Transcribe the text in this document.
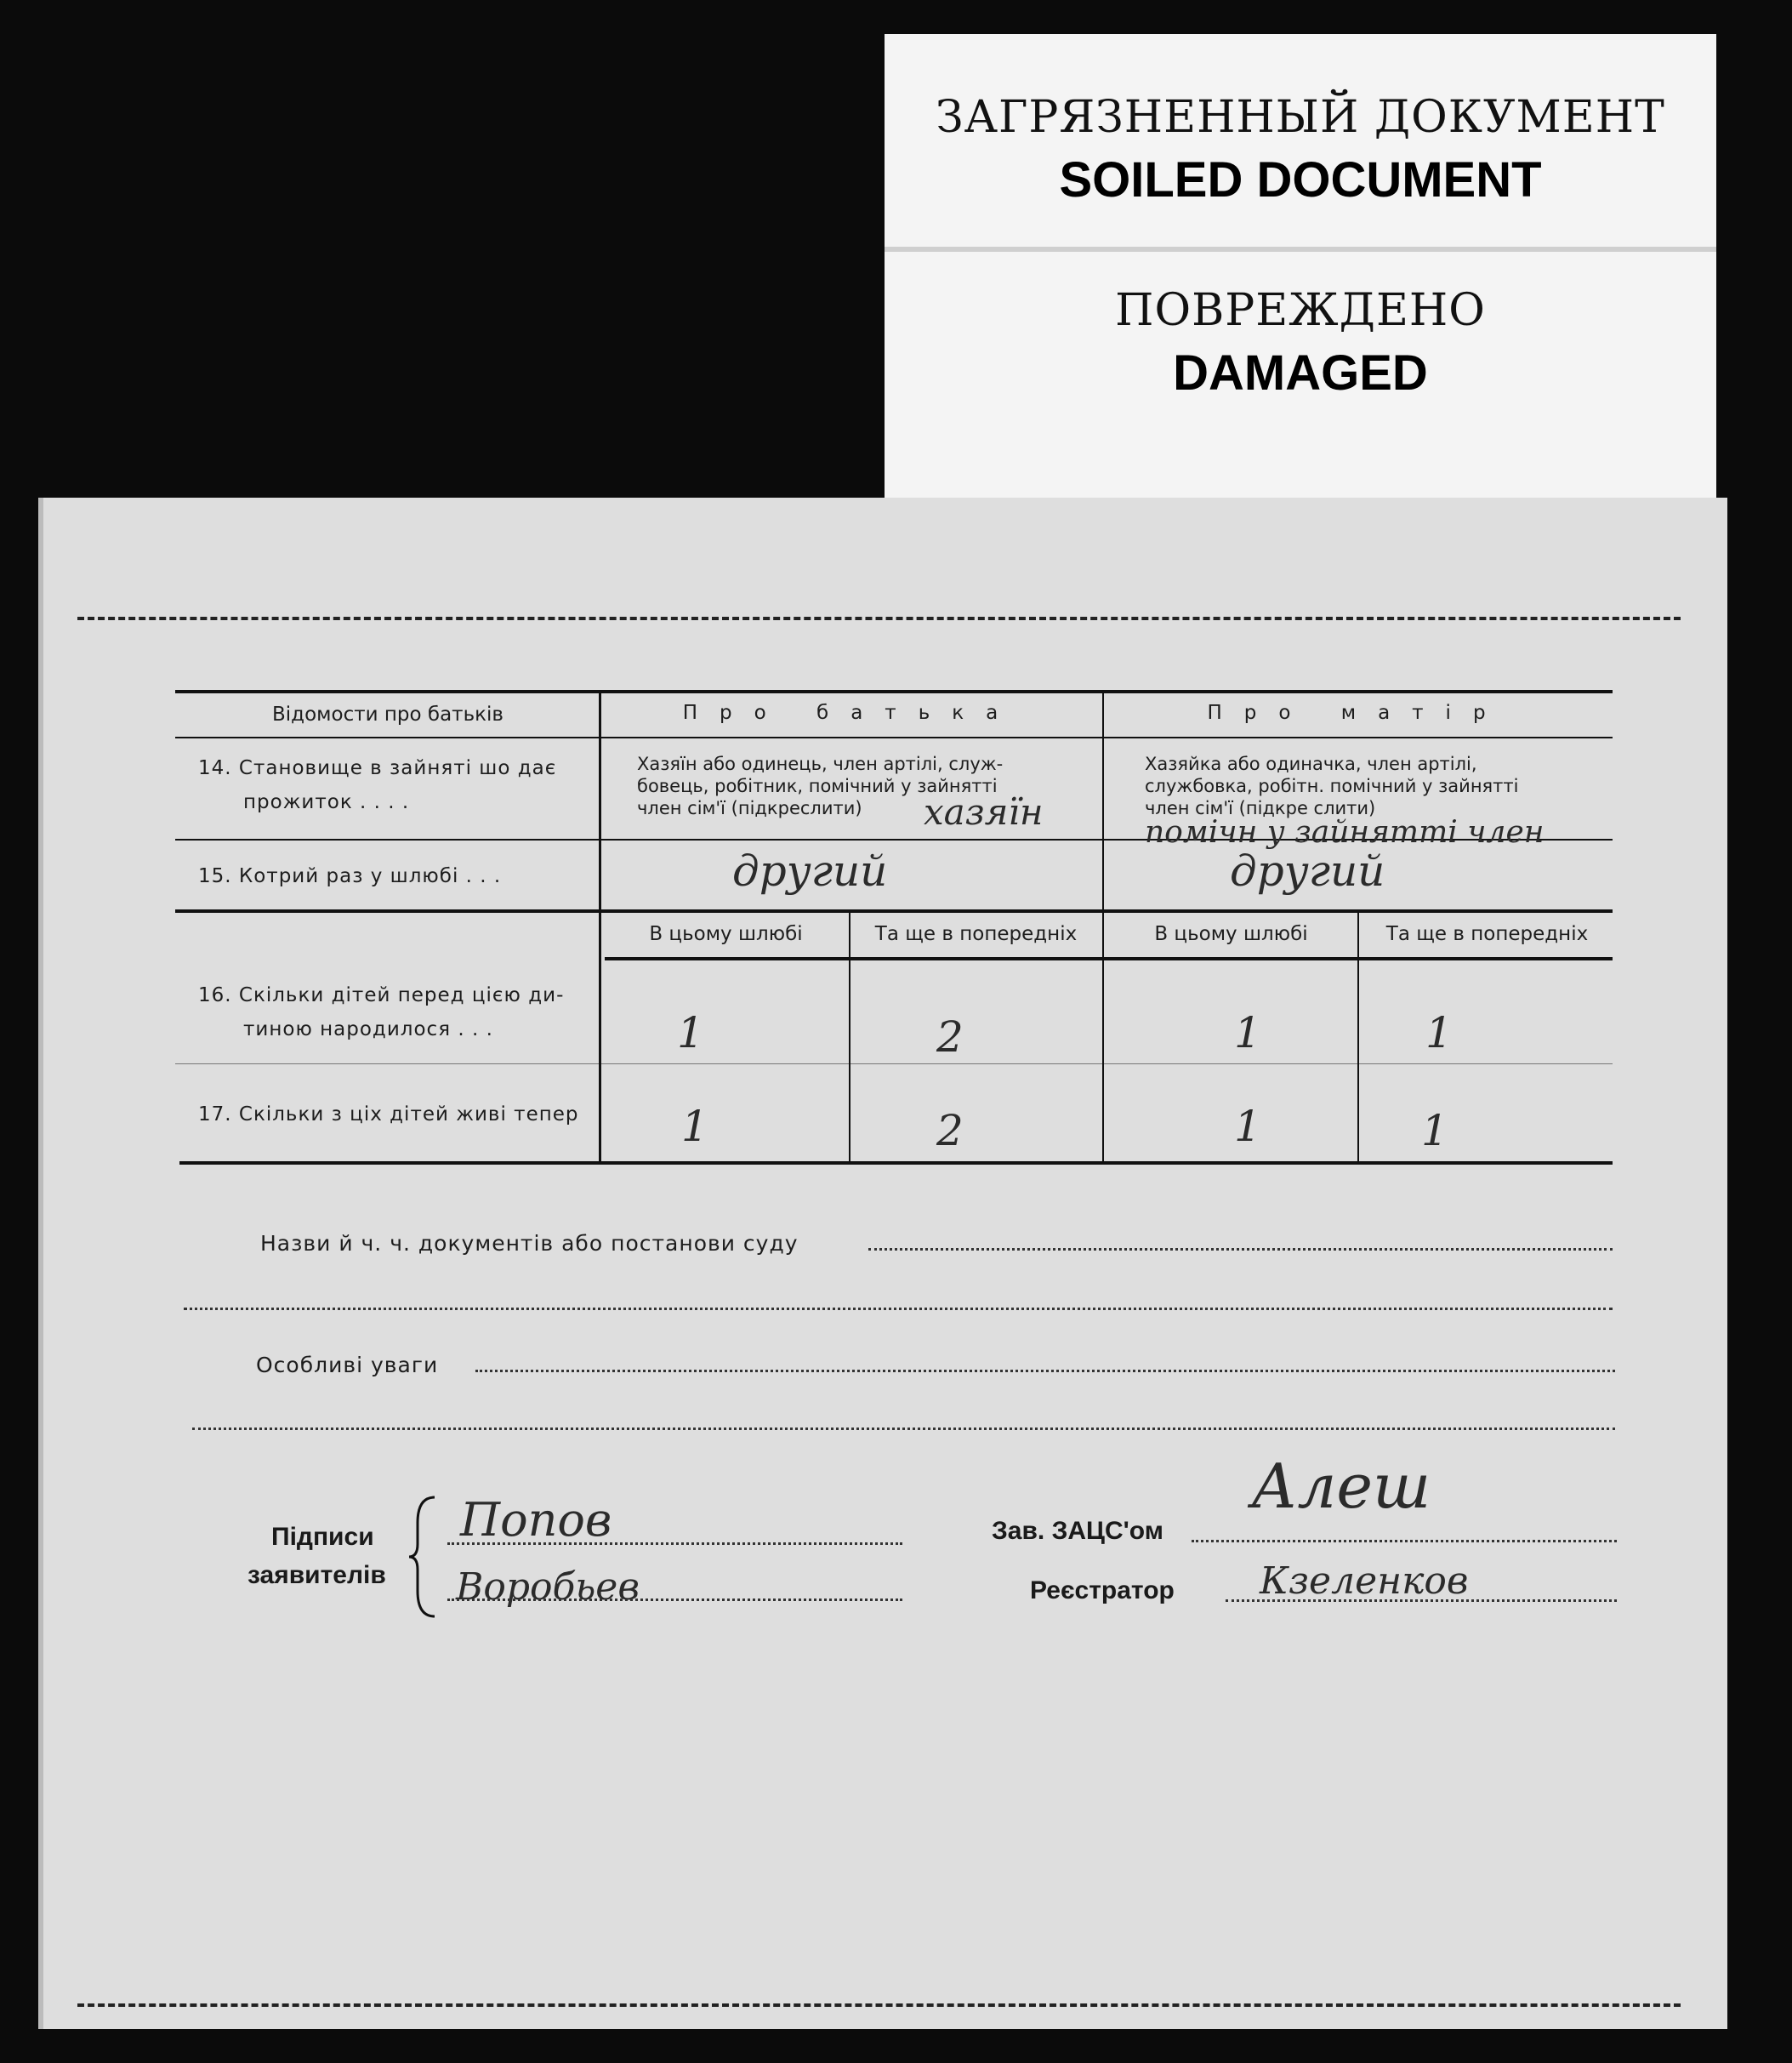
ЗАГРЯЗНЕННЫЙ ДОКУМЕНТ
SOILED DOCUMENT
ПОВРЕЖДЕНО
DAMAGED
Відомости про батьків	Про батька	Про матір
14. Становище в зайняті шо дає
прожиток . . . .
Хазяїн або одинець, член артілі, служ-
бовець, робітник, помічний у зайнятті
член сім'ї (підкреслити)	хазяїн
Хазяйка або одиначка, член артілі,
службовка, робітн. помічний у зайнятті
член сім'ї (підкре слити)
помічн у зайнятті член
15. Котрий раз у шлюбі . . .	другий	другий
В цьому шлюбі	Та ще в попередніх	В цьому шлюбі	Та ще в попередніх
16. Скільки дітей перед цією ди-
тиною народилося . . .	1	2	1	1
17. Скільки з ціх дітей живі тепер 1	2	1	1
Назви й ч. ч. документів або постанови суду
Особливі уваги
Підписи
заявителів
Попов
Воробьев
Зав. ЗАЦС'ом
Алеш
Реєстратор Кзеленков
